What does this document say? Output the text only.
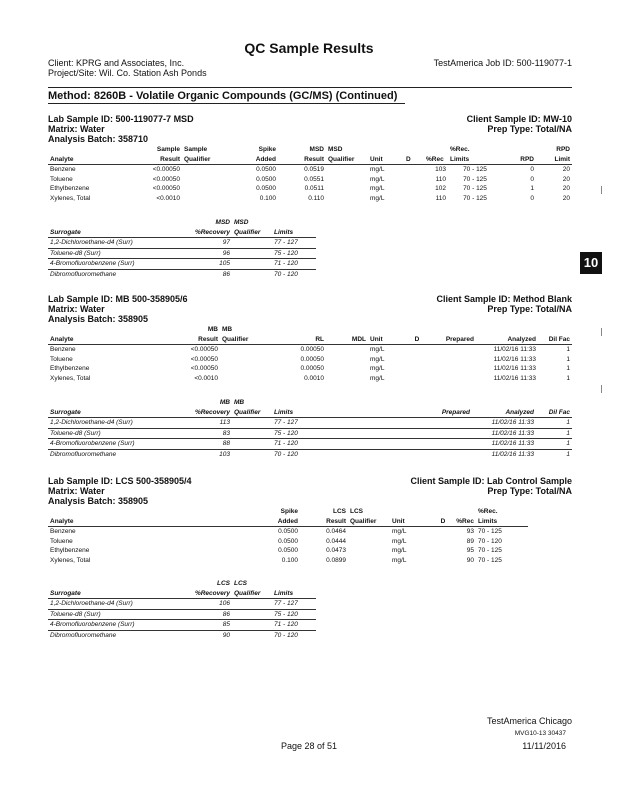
QC Sample Results
Client: KPRG and Associates, Inc.
Project/Site: Wil. Co. Station Ash Ponds
TestAmerica Job ID: 500-119077-1
Method: 8260B - Volatile Organic Compounds (GC/MS) (Continued)
10
Lab Sample ID: 500-119077-7 MSD	Client Sample ID: MW-10
Matrix: Water	Prep Type: Total/NA
Analysis Batch: 358710
	Sample	Sample	Spike	MSD	MSD				%Rec.		RPD
Analyte	Result	Qualifier	Added	Result	Qualifier	Unit	D	%Rec	Limits	RPD	Limit
Benzene	<0.00050		0.0500	0.0519		mg/L		103	70 - 125	0	20
Toluene	<0.00050		0.0500	0.0551		mg/L		110	70 - 125	0	20
Ethylbenzene	<0.00050		0.0500	0.0511		mg/L		102	70 - 125	1	20
Xylenes, Total	<0.0010		0.100	0.110		mg/L		110	70 - 125	0	20
	MSD	MSD	
Surrogate	%Recovery	Qualifier	Limits
1,2-Dichloroethane-d4 (Surr)	97		77 - 127
Toluene-d8 (Surr)	96		75 - 120
4-Bromofluorobenzene (Surr)	105		71 - 120
Dibromofluoromethane	86		70 - 120
Lab Sample ID: MB 500-358905/6	Client Sample ID: Method Blank
Matrix: Water	Prep Type: Total/NA
Analysis Batch: 358905
	MB	MB							
Analyte	Result	Qualifier	RL	MDL	Unit	D	Prepared	Analyzed	Dil Fac
Benzene	<0.00050		0.00050		mg/L			11/02/16 11:33	1
Toluene	<0.00050		0.00050		mg/L			11/02/16 11:33	1
Ethylbenzene	<0.00050		0.00050		mg/L			11/02/16 11:33	1
Xylenes, Total	<0.0010		0.0010		mg/L			11/02/16 11:33	1
	MB	MB				
Surrogate	%Recovery	Qualifier	Limits	Prepared	Analyzed	Dil Fac
1,2-Dichloroethane-d4 (Surr)	113		77 - 127		11/02/16 11:33	1
Toluene-d8 (Surr)	83		75 - 120		11/02/16 11:33	1
4-Bromofluorobenzene (Surr)	88		71 - 120		11/02/16 11:33	1
Dibromofluoromethane	103		70 - 120		11/02/16 11:33	1
Lab Sample ID: LCS 500-358905/4	Client Sample ID: Lab Control Sample
Matrix: Water	Prep Type: Total/NA
Analysis Batch: 358905
	Spike	LCS	LCS				%Rec.
Analyte	Added	Result	Qualifier	Unit	D	%Rec	Limits
Benzene	0.0500	0.0464		mg/L		93	70 - 125
Toluene	0.0500	0.0444		mg/L		89	70 - 120
Ethylbenzene	0.0500	0.0473		mg/L		95	70 - 125
Xylenes, Total	0.100	0.0899		mg/L		90	70 - 125
	LCS	LCS	
Surrogate	%Recovery	Qualifier	Limits
1,2-Dichloroethane-d4 (Surr)	106		77 - 127
Toluene-d8 (Surr)	86		75 - 120
4-Bromofluorobenzene (Surr)	85		71 - 120
Dibromofluoromethane	90		70 - 120
TestAmerica Chicago
MVG10-13 30437
Page 28 of 51	11/11/2016
